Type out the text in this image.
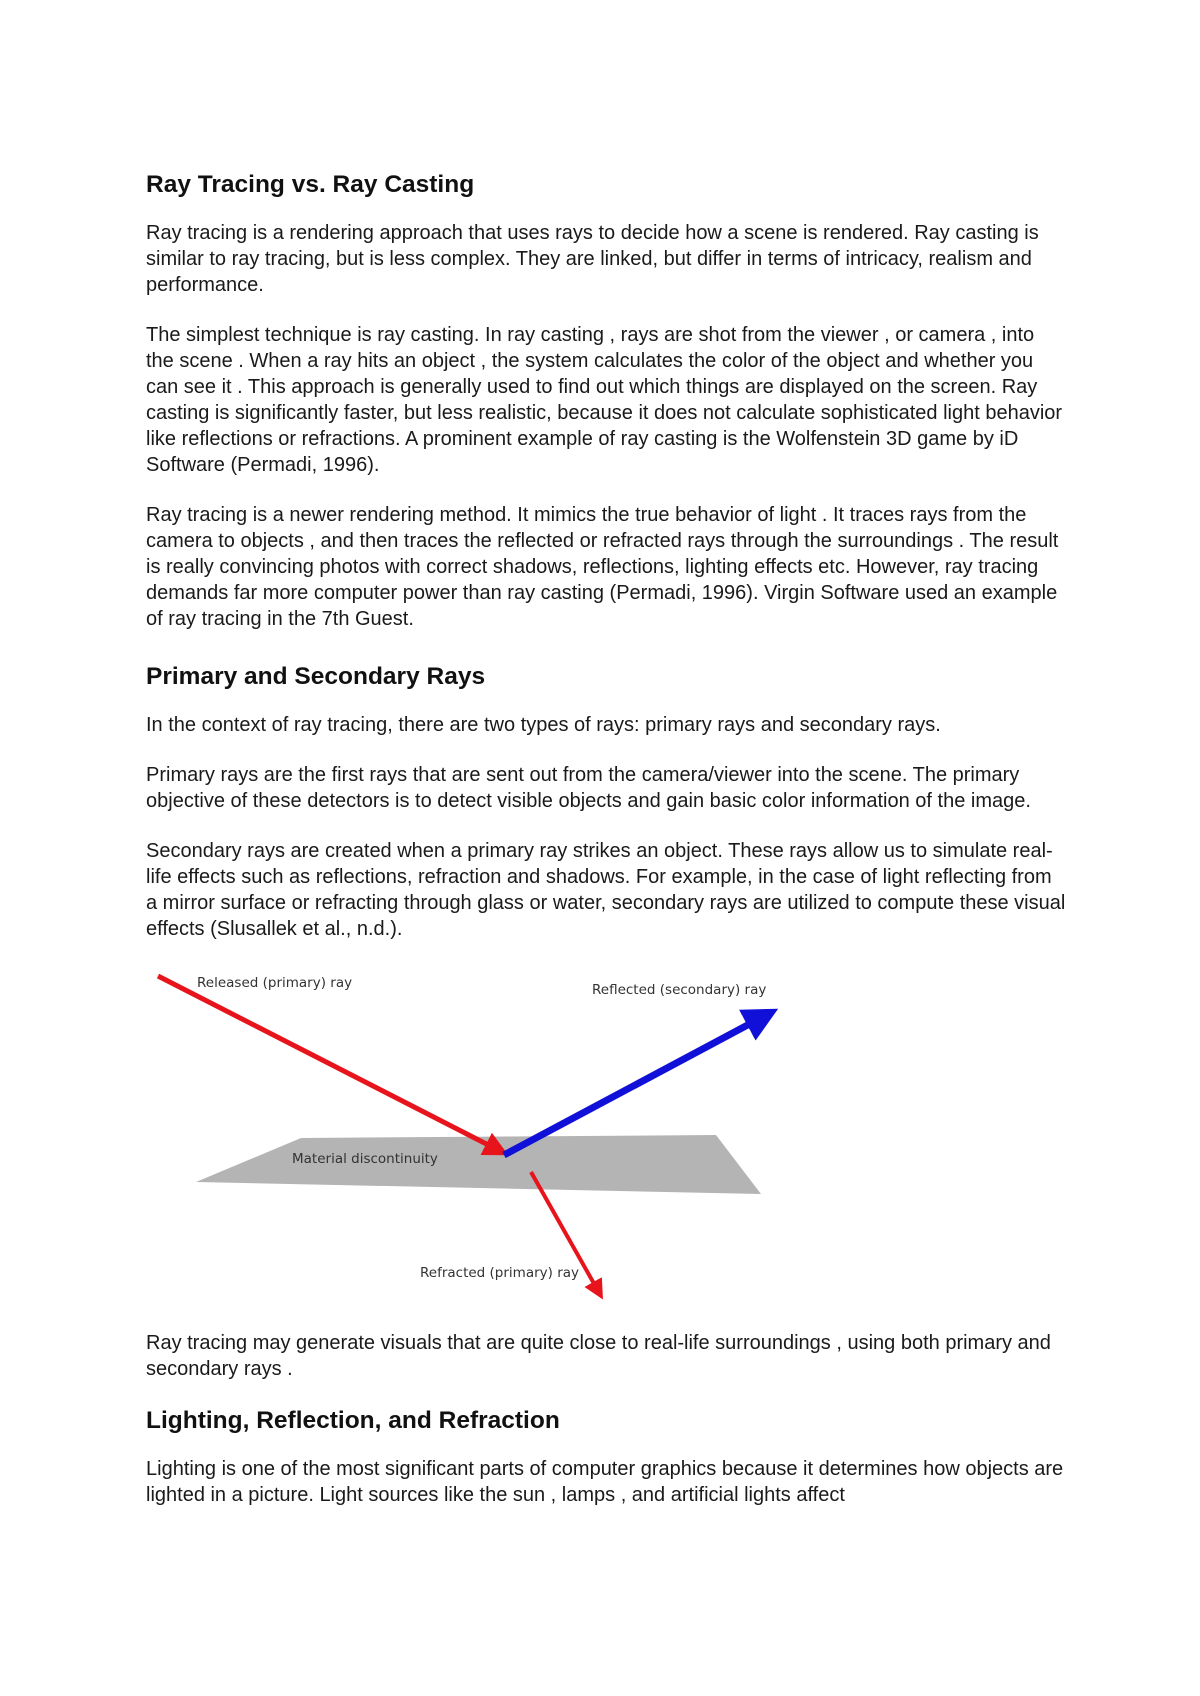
Ray Tracing vs. Ray Casting

Ray tracing is a rendering approach that uses rays to decide how a scene is rendered. Ray casting is similar to ray tracing, but is less complex. They are linked, but differ in terms of intricacy, realism and performance.

The simplest technique is ray casting. In ray casting , rays are shot from the viewer , or camera , into the scene . When a ray hits an object , the system calculates the color of the object and whether you can see it . This approach is generally used to find out which things are displayed on the screen. Ray casting is significantly faster, but less realistic, because it does not calculate sophisticated light behavior like reflections or refractions. A prominent example of ray casting is the Wolfenstein 3D game by iD Software (Permadi, 1996).

Ray tracing is a newer rendering method. It mimics the true behavior of light . It traces rays from the camera to objects , and then traces the reflected or refracted rays through the surroundings . The result is really convincing photos with correct shadows, reflections, lighting effects etc. However, ray tracing demands far more computer power than ray casting (Permadi, 1996). Virgin Software used an example of ray tracing in the 7th Guest.

Primary and Secondary Rays

In the context of ray tracing, there are two types of rays: primary rays and secondary rays.

Primary rays are the first rays that are sent out from the camera/viewer into the scene. The primary objective of these detectors is to detect visible objects and gain basic color information of the image.

Secondary rays are created when a primary ray strikes an object. These rays allow us to simulate real-life effects such as reflections, refraction and shadows. For example, in the case of light reflecting from a mirror surface or refracting through glass or water, secondary rays are utilized to compute these visual effects (Slusallek et al., n.d.).

Released (primary) ray	Reflected (secondary) ray
Material discontinuity
Refracted (primary) ray

Ray tracing may generate visuals that are quite close to real-life surroundings , using both primary and secondary rays .

Lighting, Reflection, and Refraction

Lighting is one of the most significant parts of computer graphics because it determines how objects are lighted in a picture. Light sources like the sun , lamps , and artificial lights affect
